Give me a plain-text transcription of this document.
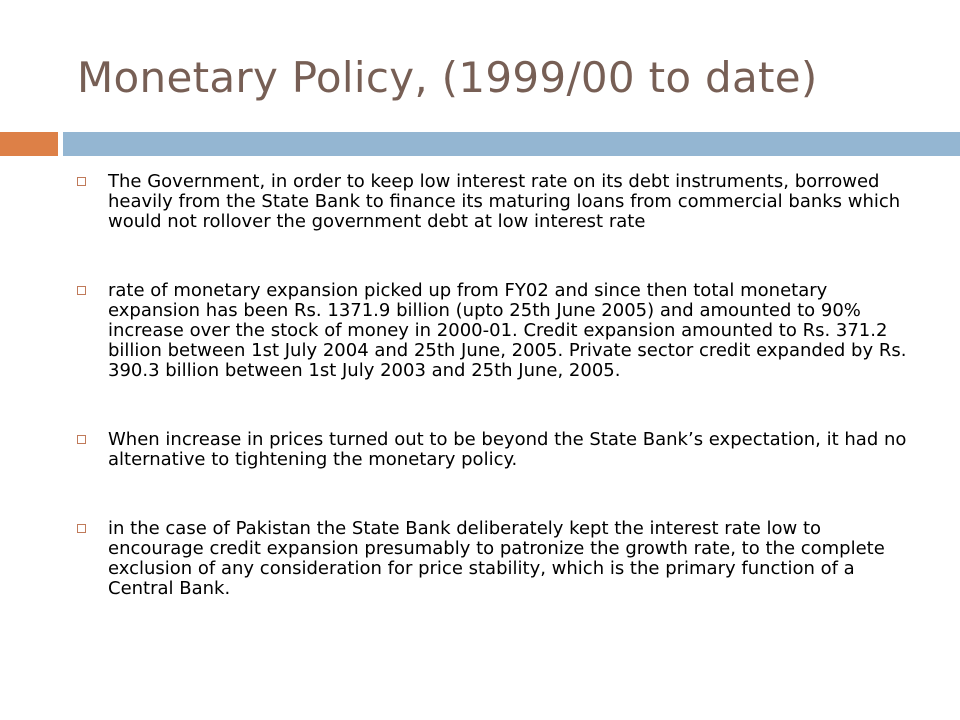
Monetary Policy, (1999/00 to date)
The Government, in order to keep low interest rate on its debt instruments, borrowed heavily from the State Bank to finance its maturing loans from commercial banks which would not rollover the government debt at low interest rate
rate of monetary expansion picked up from FY02 and since then total monetary expansion has been Rs. 1371.9 billion (upto 25th June 2005) and amounted to 90% increase over the stock of money in 2000-01. Credit expansion amounted to Rs. 371.2 billion between 1st July 2004 and 25th June, 2005. Private sector credit expanded by Rs. 390.3 billion between 1st July 2003 and 25th June, 2005.
When increase in prices turned out to be beyond the State Bank’s expectation, it had no alternative to tightening the monetary policy.
in the case of Pakistan the State Bank deliberately kept the interest rate low to encourage credit expansion presumably to patronize the growth rate, to the complete exclusion of any consideration for price stability, which is the primary function of a Central Bank.
